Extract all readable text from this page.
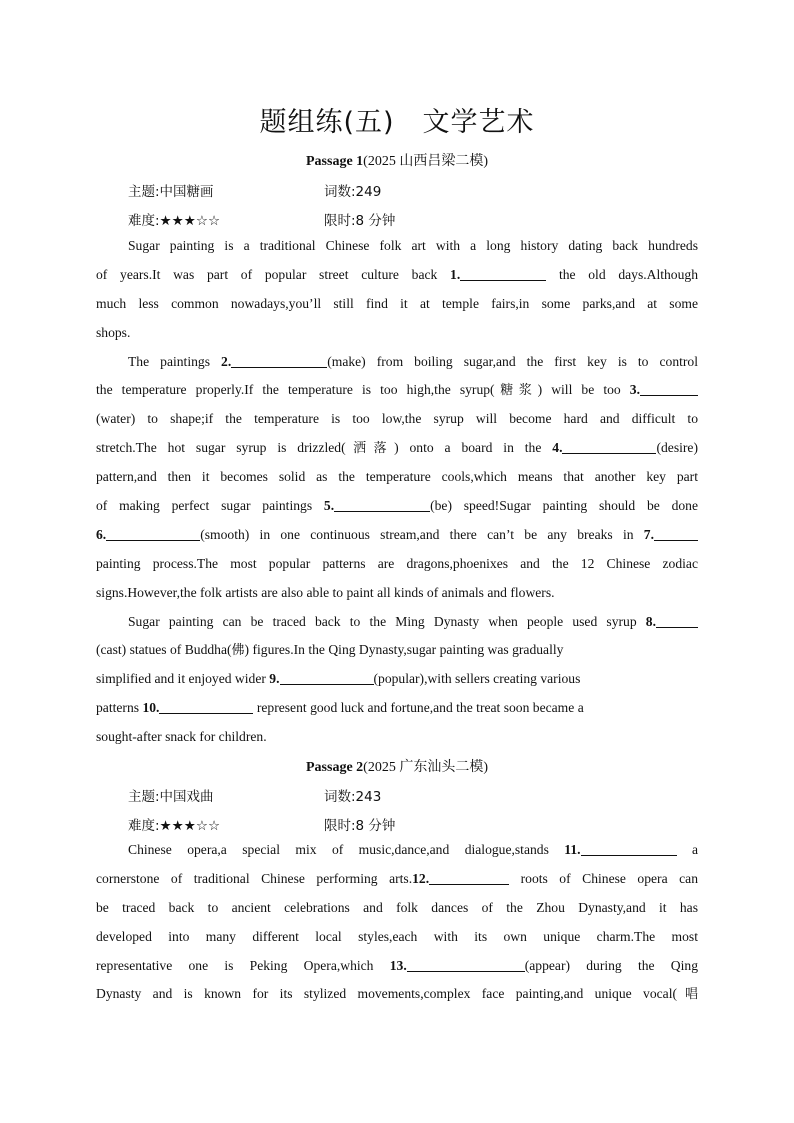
题组练(五)　文学艺术
Passage 1(2025 山西吕梁二模)
主题:中国糖画	词数:249
难度:★★★☆☆	限时:8 分钟
Sugar painting is a traditional Chinese folk art with a long history dating back hundreds
of years.It was part of popular street culture back 1.	the old days.Although
much less common nowadays,you’ll still find it at temple fairs,in some parks,and at some
shops.
The paintings 2.	(make) from boiling sugar,and the first key is to control
the temperature properly.If the temperature is too high,the syrup(糖浆) will be too 3.
(water) to shape;if the temperature is too low,the syrup will become hard and difficult to
stretch.The hot sugar syrup is drizzled(洒落) onto a board in the 4.	(desire)
pattern,and then it becomes solid as the temperature cools,which means that another key part
of making perfect sugar paintings 5.	(be) speed!Sugar painting should be done
6.	(smooth) in one continuous stream,and there can’t be any breaks in 7.
painting process.The most popular patterns are dragons,phoenixes and the 12 Chinese zodiac
signs.However,the folk artists are also able to paint all kinds of animals and flowers.
Sugar painting can be traced back to the Ming Dynasty when people used syrup 8.
(cast) statues of Buddha(佛) figures.In the Qing Dynasty,sugar painting was gradually
simplified and it enjoyed wider 9.	(popular),with sellers creating various
patterns 10.	represent good luck and fortune,and the treat soon became a
sought-after snack for children.
Passage 2(2025 广东汕头二模)
主题:中国戏曲	词数:243
难度:★★★☆☆	限时:8 分钟
Chinese opera,a special mix of music,dance,and dialogue,stands 11.	a
cornerstone of traditional Chinese performing arts.12.	roots of Chinese opera can
be traced back to ancient celebrations and folk dances of the Zhou Dynasty,and it has
developed into many different local styles,each with its own unique charm.The most
representative one is Peking Opera,which 13.	(appear) during the Qing
Dynasty and is known for its stylized movements,complex face painting,and unique vocal(唱
